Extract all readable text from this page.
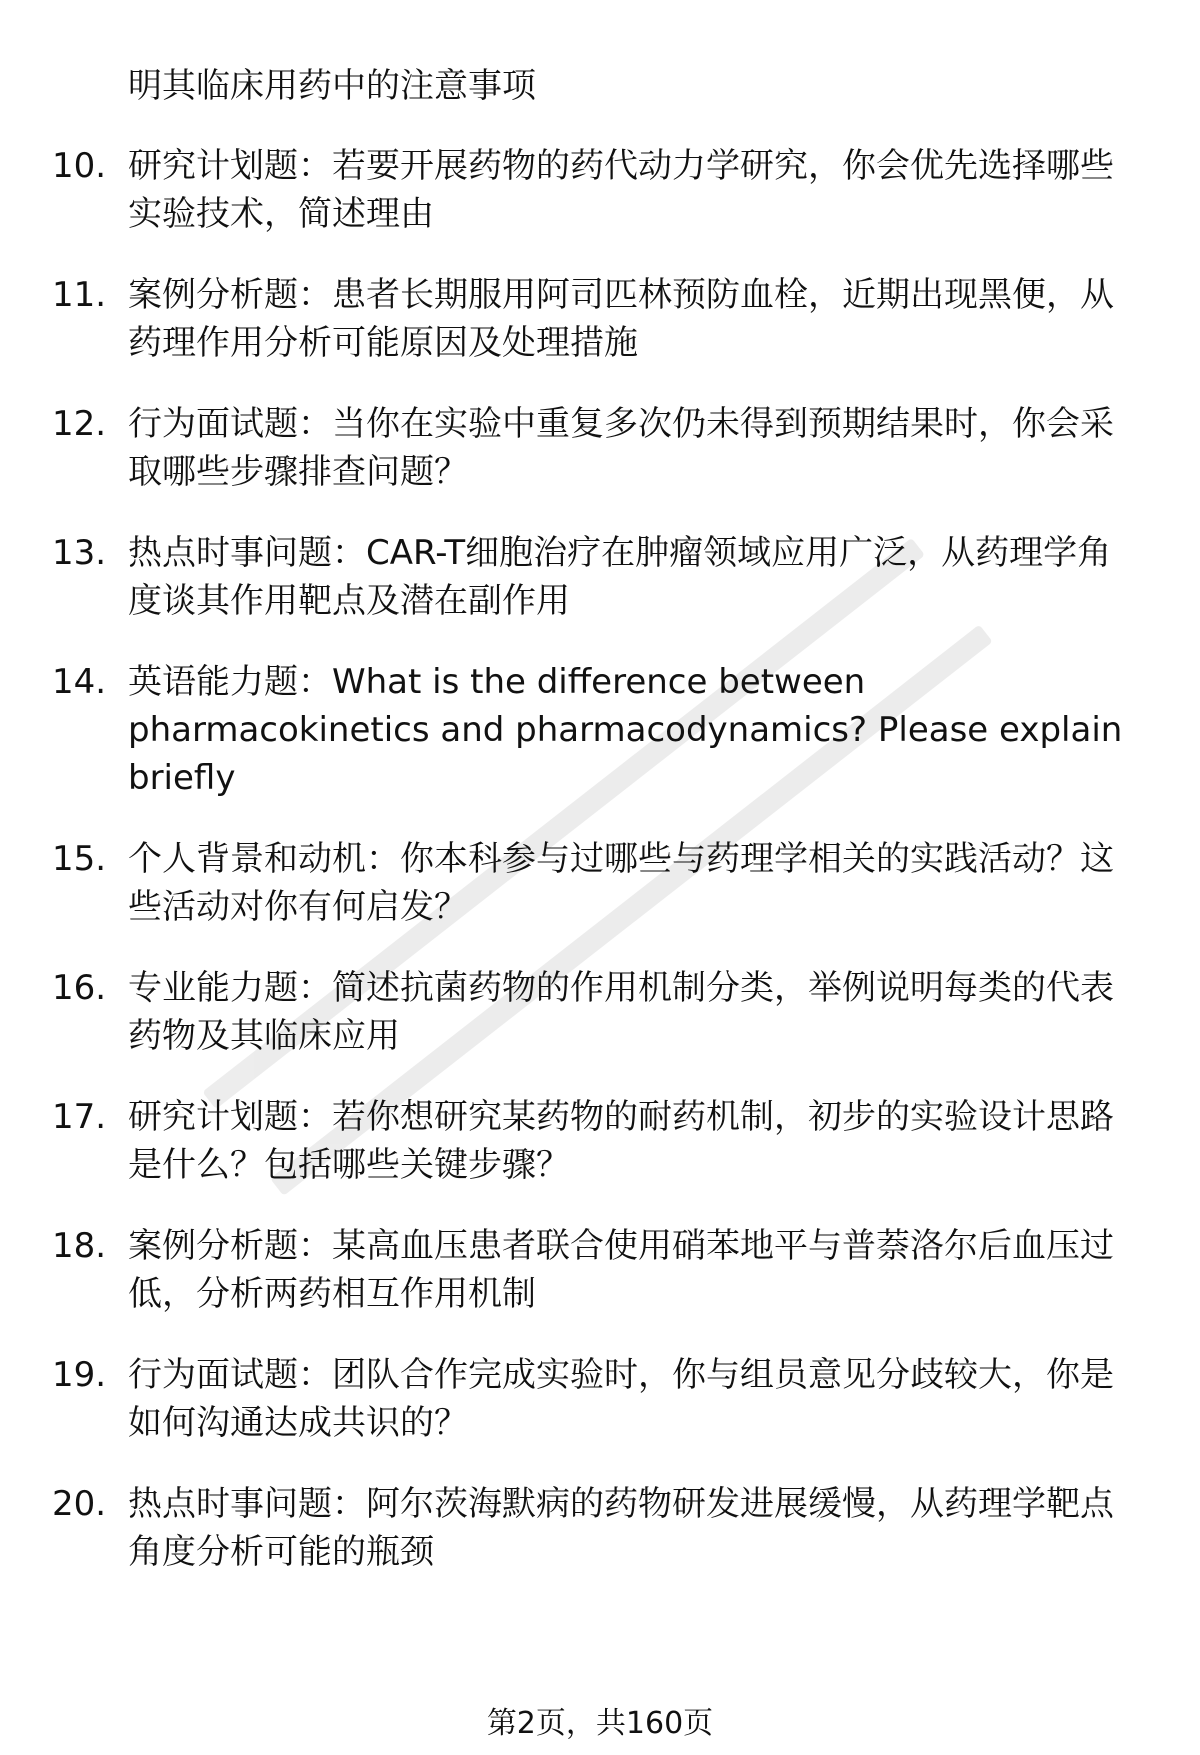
明其临床用药中的注意事项
10. 研究计划题：若要开展药物的药代动力学研究，你会优先选择哪些实验技术，简述理由
11. 案例分析题：患者长期服用阿司匹林预防血栓，近期出现黑便，从药理作用分析可能原因及处理措施
12. 行为面试题：当你在实验中重复多次仍未得到预期结果时，你会采取哪些步骤排查问题？
13. 热点时事问题：CAR-T细胞治疗在肿瘤领域应用广泛，从药理学角度谈其作用靶点及潜在副作用
14. 英语能力题：What is the difference between pharmacokinetics and pharmacodynamics? Please explain briefly
15. 个人背景和动机：你本科参与过哪些与药理学相关的实践活动？这些活动对你有何启发？
16. 专业能力题：简述抗菌药物的作用机制分类，举例说明每类的代表药物及其临床应用
17. 研究计划题：若你想研究某药物的耐药机制，初步的实验设计思路是什么？包括哪些关键步骤？
18. 案例分析题：某高血压患者联合使用硝苯地平与普萘洛尔后血压过低，分析两药相互作用机制
19. 行为面试题：团队合作完成实验时，你与组员意见分歧较大，你是如何沟通达成共识的？
20. 热点时事问题：阿尔茨海默病的药物研发进展缓慢，从药理学靶点角度分析可能的瓶颈
第2页，共160页
